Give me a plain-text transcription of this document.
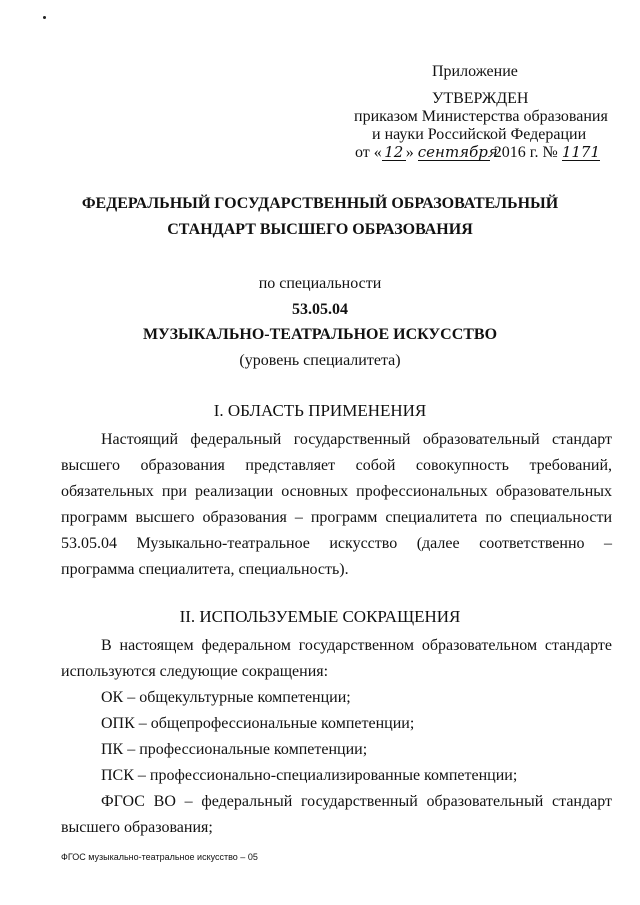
Приложение
УТВЕРЖДЕН
приказом Министерства образования
и науки Российской Федерации
от « 12 » сентября 2016 г. № 1171
ФЕДЕРАЛЬНЫЙ ГОСУДАРСТВЕННЫЙ ОБРАЗОВАТЕЛЬНЫЙ
СТАНДАРТ ВЫСШЕГО ОБРАЗОВАНИЯ
по специальности
53.05.04
МУЗЫКАЛЬНО-ТЕАТРАЛЬНОЕ ИСКУССТВО
(уровень специалитета)
I. ОБЛАСТЬ ПРИМЕНЕНИЯ
Настоящий федеральный государственный образовательный стандарт высшего образования представляет собой совокупность требований, обязательных при реализации основных профессиональных образовательных программ высшего образования – программ специалитета по специальности 53.05.04 Музыкально-театральное искусство (далее соответственно – программа специалитета, специальность).
II. ИСПОЛЬЗУЕМЫЕ СОКРАЩЕНИЯ
В настоящем федеральном государственном образовательном стандарте используются следующие сокращения:
ОК – общекультурные компетенции;
ОПК – общепрофессиональные компетенции;
ПК – профессиональные компетенции;
ПСК – профессионально-специализированные компетенции;
ФГОС ВО – федеральный государственный образовательный стандарт высшего образования;
ФГОС музыкально-театральное искусство – 05
